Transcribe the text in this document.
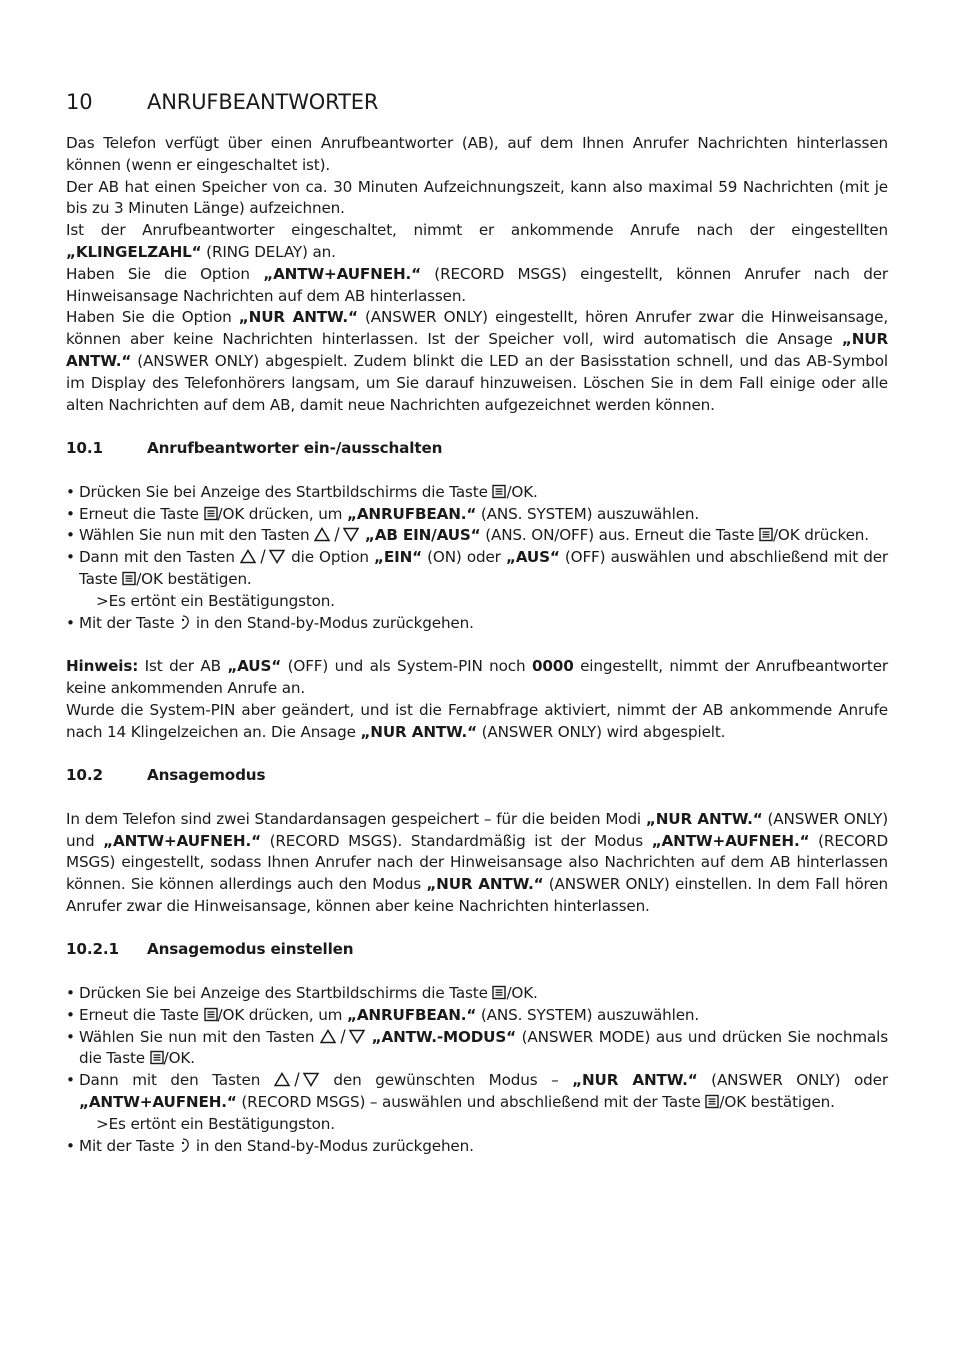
10	ANRUFBEANTWORTER

Das Telefon verfügt über einen Anrufbeantworter (AB), auf dem Ihnen Anrufer Nachrichten hinterlassen können (wenn er eingeschaltet ist).

Der AB hat einen Speicher von ca. 30 Minuten Aufzeichnungszeit, kann also maximal 59 Nachrichten (mit je bis zu 3 Minuten Länge) aufzeichnen.

Ist der Anrufbeantworter eingeschaltet, nimmt er ankommende Anrufe nach der eingestellten „KLINGELZAHL“ (RING DELAY) an.

Haben Sie die Option „ANTW+AUFNEH.“ (RECORD MSGS) eingestellt, können Anrufer nach der Hinweisansage Nachrichten auf dem AB hinterlassen.

Haben Sie die Option „NUR ANTW.“ (ANSWER ONLY) eingestellt, hören Anrufer zwar die Hinweisansage, können aber keine Nachrichten hinterlassen. Ist der Speicher voll, wird automatisch die Ansage „NUR ANTW.“ (ANSWER ONLY) abgespielt. Zudem blinkt die LED an der Basisstation schnell, und das AB-Symbol im Display des Telefonhörers langsam, um Sie darauf hinzuweisen. Löschen Sie in dem Fall einige oder alle alten Nachrichten auf dem AB, damit neue Nachrichten aufgezeichnet werden können.

10.1	Anrufbeantworter ein-/ausschalten
• Drücken Sie bei Anzeige des Startbildschirms die Taste
/OK.
• Erneut die Taste
/OK drücken, um „ANRUFBEAN.“ (ANS. SYSTEM) auszuwählen.
• Wählen Sie nun mit den Tasten	„AB EIN/AUS“ (ANS. ON/OFF) aus. Erneut die Taste
/OK drücken.
• Dann mit den Tasten	die Option „EIN“ (ON) oder „AUS“ (OFF) auswählen und abschließend mit der Taste
/OK bestätigen.
>Es ertönt ein Bestätigungston.
• Mit der Taste
in den Stand-by-Modus zurückgehen.

Hinweis: Ist der AB „AUS“ (OFF) und als System-PIN noch 0000 eingestellt, nimmt der Anrufbeantworter keine ankommenden Anrufe an.

Wurde die System-PIN aber geändert, und ist die Fernabfrage aktiviert, nimmt der AB ankommende Anrufe nach 14 Klingelzeichen an. Die Ansage „NUR ANTW.“ (ANSWER ONLY) wird abgespielt.

10.2	Ansagemodus

In dem Telefon sind zwei Standardansagen gespeichert – für die beiden Modi „NUR ANTW.“ (ANSWER ONLY) und „ANTW+AUFNEH.“ (RECORD MSGS). Standardmäßig ist der Modus „ANTW+AUFNEH.“ (RECORD MSGS) eingestellt, sodass Ihnen Anrufer nach der Hinweisansage also Nachrichten auf dem AB hinterlassen können. Sie können allerdings auch den Modus „NUR ANTW.“ (ANSWER ONLY) einstellen. In dem Fall hören Anrufer zwar die Hinweisansage, können aber keine Nachrichten hinterlassen.

10.2.1 Ansagemodus einstellen
• Drücken Sie bei Anzeige des Startbildschirms die Taste
/OK.
• Erneut die Taste
/OK drücken, um „ANRUFBEAN.“ (ANS. SYSTEM) auszuwählen.
• Wählen Sie nun mit den Tasten	„ANTW.-MODUS“ (ANSWER MODE) aus und drücken Sie nochmals die Taste
/OK.
• Dann mit den Tasten	den gewünschten Modus – „NUR ANTW.“ (ANSWER ONLY) oder „ANTW+AUFNEH.“ (RECORD MSGS) – auswählen und abschließend mit der Taste
/OK bestätigen.
>Es ertönt ein Bestätigungston.
• Mit der Taste
in den Stand-by-Modus zurückgehen.
